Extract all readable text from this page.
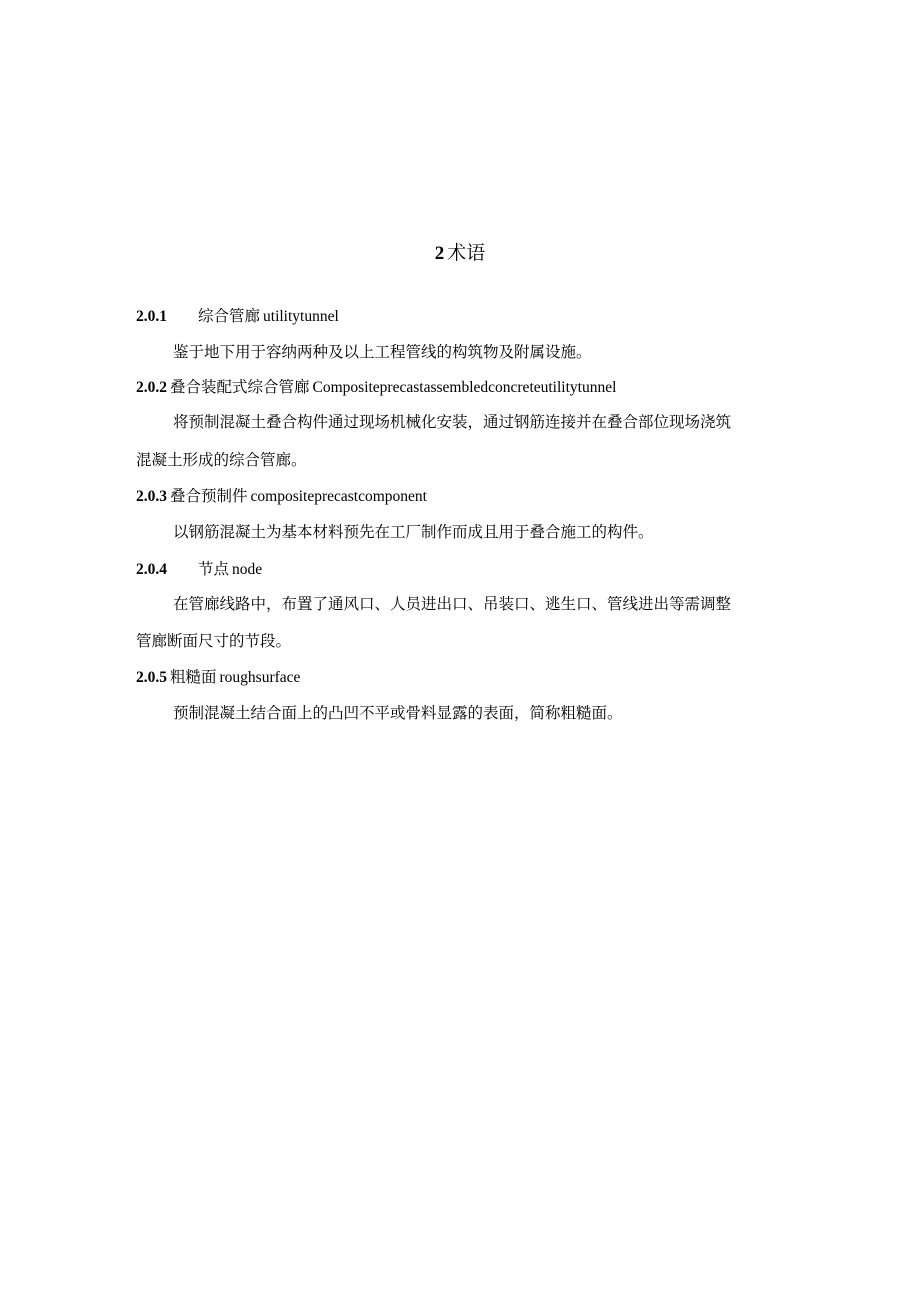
2 术语
2.0.1 综合管廊 utilitytunnel
鉴于地下用于容纳两种及以上工程管线的构筑物及附属设施。
2.0.2 叠合装配式综合管廊 Compositeprecastassembledconcreteutilitytunnel
将预制混凝土叠合构件通过现场机械化安装，通过钢筋连接并在叠合部位现场浇筑
混凝土形成的综合管廊。
2.0.3 叠合预制件 compositeprecastcomponent
以钢筋混凝土为基本材料预先在工厂制作而成且用于叠合施工的构件。
2.0.4 节点 node
在管廊线路中，布置了通风口、人员进出口、吊装口、逃生口、管线进出等需调整
管廊断面尺寸的节段。
2.0.5 粗糙面 roughsurface
预制混凝土结合面上的凸凹不平或骨料显露的表面，简称粗糙面。
